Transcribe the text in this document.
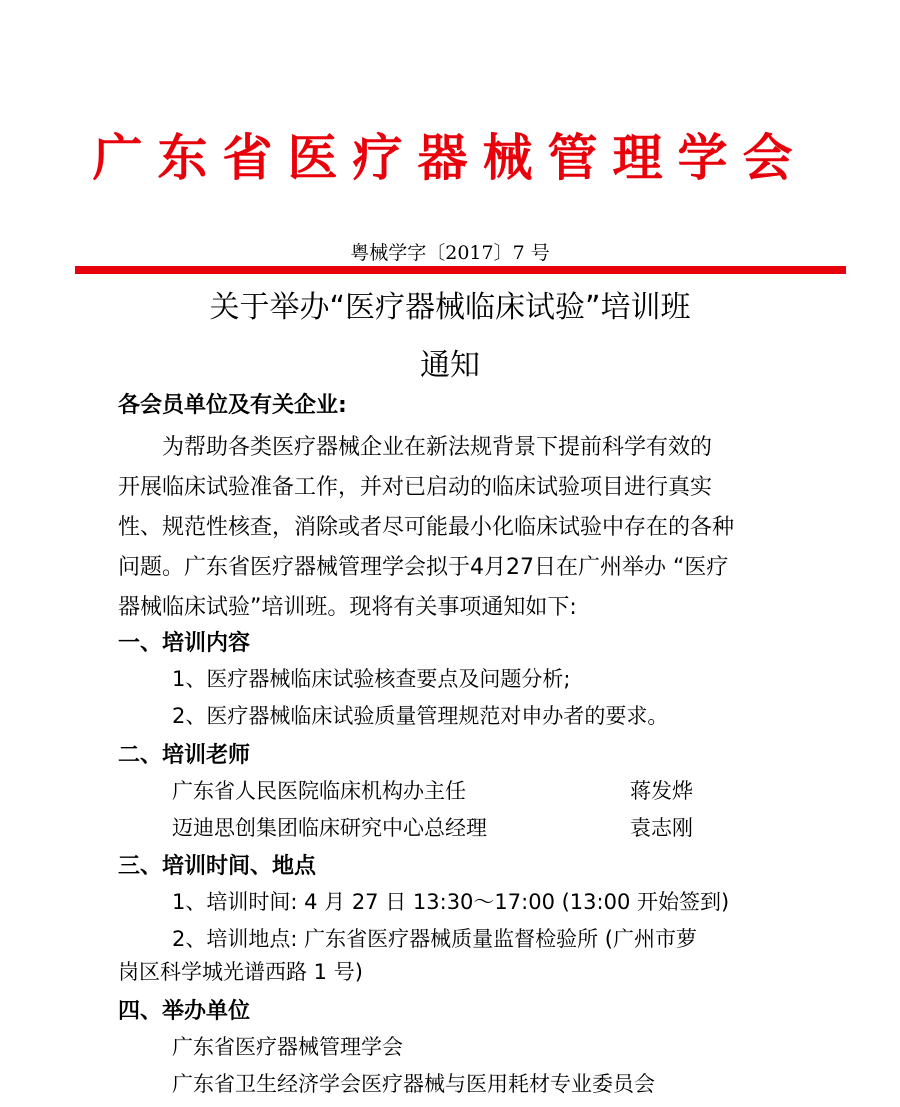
广东省医疗器械管理学会
粤械学字〔2017〕7 号
关于举办“医疗器械临床试验”培训班
通知
各会员单位及有关企业:
　　为帮助各类医疗器械企业在新法规背景下提前科学有效的
开展临床试验准备工作，并对已启动的临床试验项目进行真实
性、规范性核查，消除或者尽可能最小化临床试验中存在的各种
问题。广东省医疗器械管理学会拟于4月27日在广州举办 “医疗
器械临床试验”培训班。现将有关事项通知如下:
一、培训内容
1、医疗器械临床试验核查要点及问题分析;
2、医疗器械临床试验质量管理规范对申办者的要求。
二、培训老师
广东省人民医院临床机构办主任	蒋发烨
迈迪思创集团临床研究中心总经理	袁志刚
三、培训时间、地点
1、培训时间: 4 月 27 日 13:30～17:00 (13:00 开始签到)
2、培训地点: 广东省医疗器械质量监督检验所 (广州市萝
岗区科学城光谱西路 1 号)
四、举办单位
广东省医疗器械管理学会
广东省卫生经济学会医疗器械与医用耗材专业委员会
